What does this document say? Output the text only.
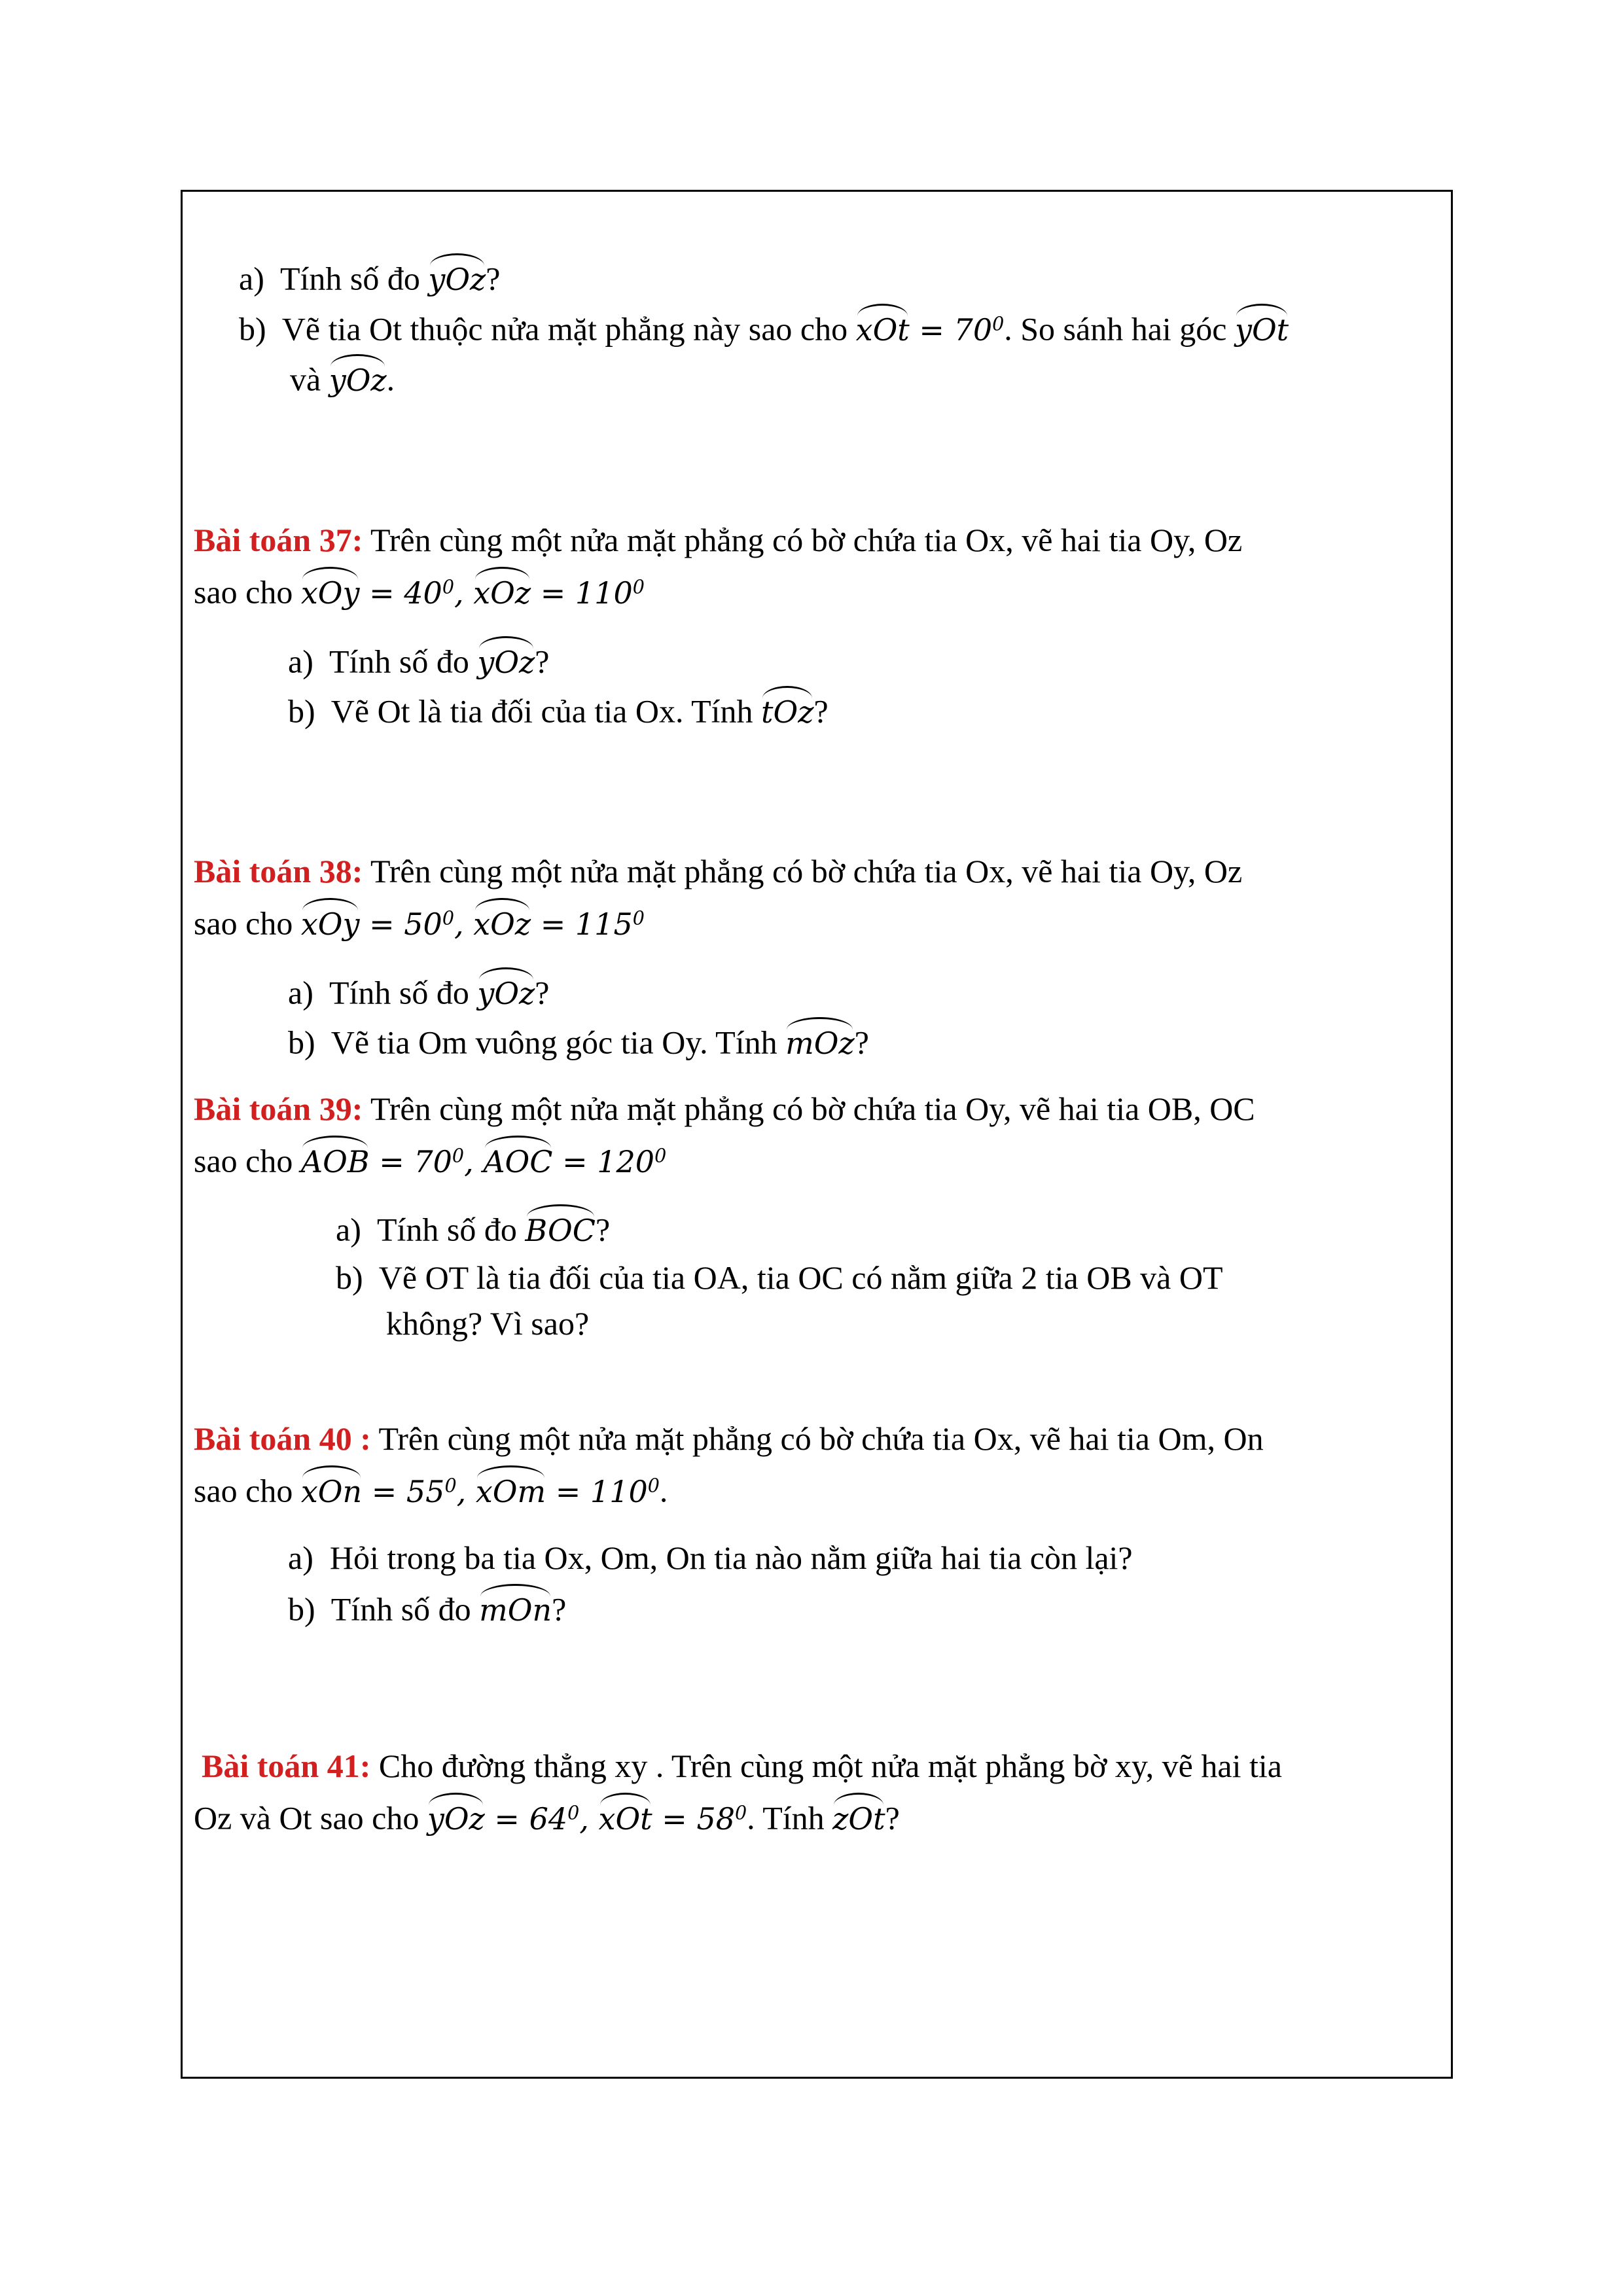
a) Tính số đo yOz?
b) Vẽ tia Ot thuộc nửa mặt phẳng này sao cho xOt = $70^0$. So sánh hai góc yOt
và yOz.
Bài toán 37: Trên cùng một nửa mặt phẳng có bờ chứa tia Ox, vẽ hai tia Oy, Oz
sao cho xOy = $40^0$, xOz = $110^0$
a) Tính số đo yOz?
b) Vẽ Ot là tia đối của tia Ox. Tính tOz?
Bài toán 38: Trên cùng một nửa mặt phẳng có bờ chứa tia Ox, vẽ hai tia Oy, Oz
sao cho xOy = $50^0$, xOz = $115^0$
a) Tính số đo yOz?
b) Vẽ tia Om vuông góc tia Oy. Tính mOz?
Bài toán 39: Trên cùng một nửa mặt phẳng có bờ chứa tia Oy, vẽ hai tia OB, OC
sao cho AOB = $70^0$, AOC = $120^0$
a) Tính số đo BOC?
b) Vẽ OT là tia đối của tia OA, tia OC có nằm giữa 2 tia OB và OT
không? Vì sao?
Bài toán 40 : Trên cùng một nửa mặt phẳng có bờ chứa tia Ox, vẽ hai tia Om, On
sao cho xOn = $55^0$, xOm = $110^0$.
a) Hỏi trong ba tia Ox, Om, On tia nào nằm giữa hai tia còn lại?
b) Tính số đo mOn?
Bài toán 41: Cho đường thẳng xy . Trên cùng một nửa mặt phẳng bờ xy, vẽ hai tia
Oz và Ot sao cho yOz = $64^0$, xOt = $58^0$. Tính zOt?
